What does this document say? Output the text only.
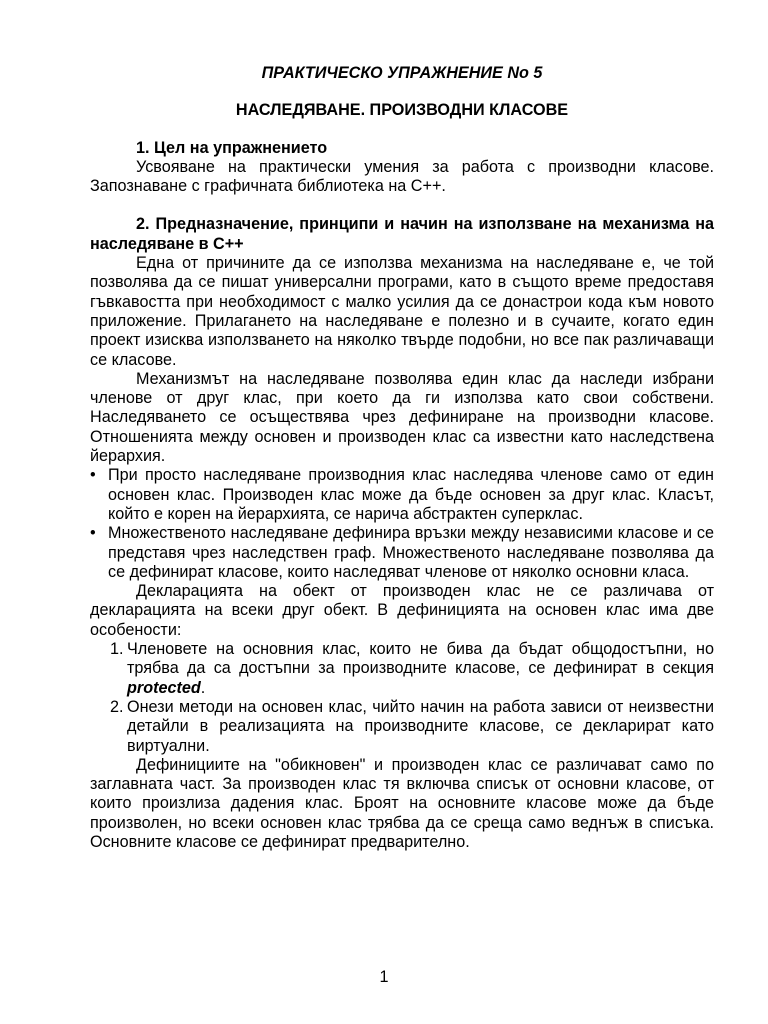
ПРАКТИЧЕСКО УПРАЖНЕНИЕ No 5

НАСЛЕДЯВАНЕ. ПРОИЗВОДНИ КЛАСОВЕ

1. Цел на упражнението

Усвояване на практически умения за работа с производни класове. Запознаване с графичната библиотека на C++.

2. Предназначение, принципи и начин на използване на механизма на наследяване в C++

Една от причините да се използва механизма на наследяване е, че той позволява да се пишат универсални програми, като в същото време предоставя гъвкавостта при необходимост с малко усилия да се донастрои кода към новото приложение. Прилагането на наследяване е полезно и в сучаите, когато един проект изисква използването на няколко твърде подобни, но все пак различаващи се класове.

Механизмът на наследяване позволява един клас да наследи избрани членове от друг клас, при което да ги използва като свои собствени. Наследяването се осъществява чрез дефиниране на производни класове. Отношенията между основен и производен клас са известни като наследствена йерархия.

• При просто наследяване производния клас наследява членове само от един основен клас. Производен клас може да бъде основен за друг клас. Класът, който е корен на йерархията, се нарича абстрактен суперклас.
• Множественото наследяване дефинира връзки между независими класове и се представя чрез наследствен граф. Множественото наследяване позволява да се дефинират класове, които наследяват членове от няколко основни класа.

Декларацията на обект от производен клас не се различава от декларацията на всеки друг обект. В дефиницията на основен клас има две особености:

1. Членовете на основния клас, които не бива да бъдат общодостъпни, но трябва да са достъпни за производните класове, се дефинират в секция protected.
2. Онези методи на основен клас, чийто начин на работа зависи от неизвестни детайли в реализацията на производните класове, се декларират като виртуални.

Дефинициите на "обикновен" и производен клас се различават само по заглавната част. За производен клас тя включва списък от основни класове, от които произлиза дадения клас. Броят на основните класове може да бъде произволен, но всеки основен клас трябва да се среща само веднъж в списъка. Основните класове се дефинират предварително.

1
